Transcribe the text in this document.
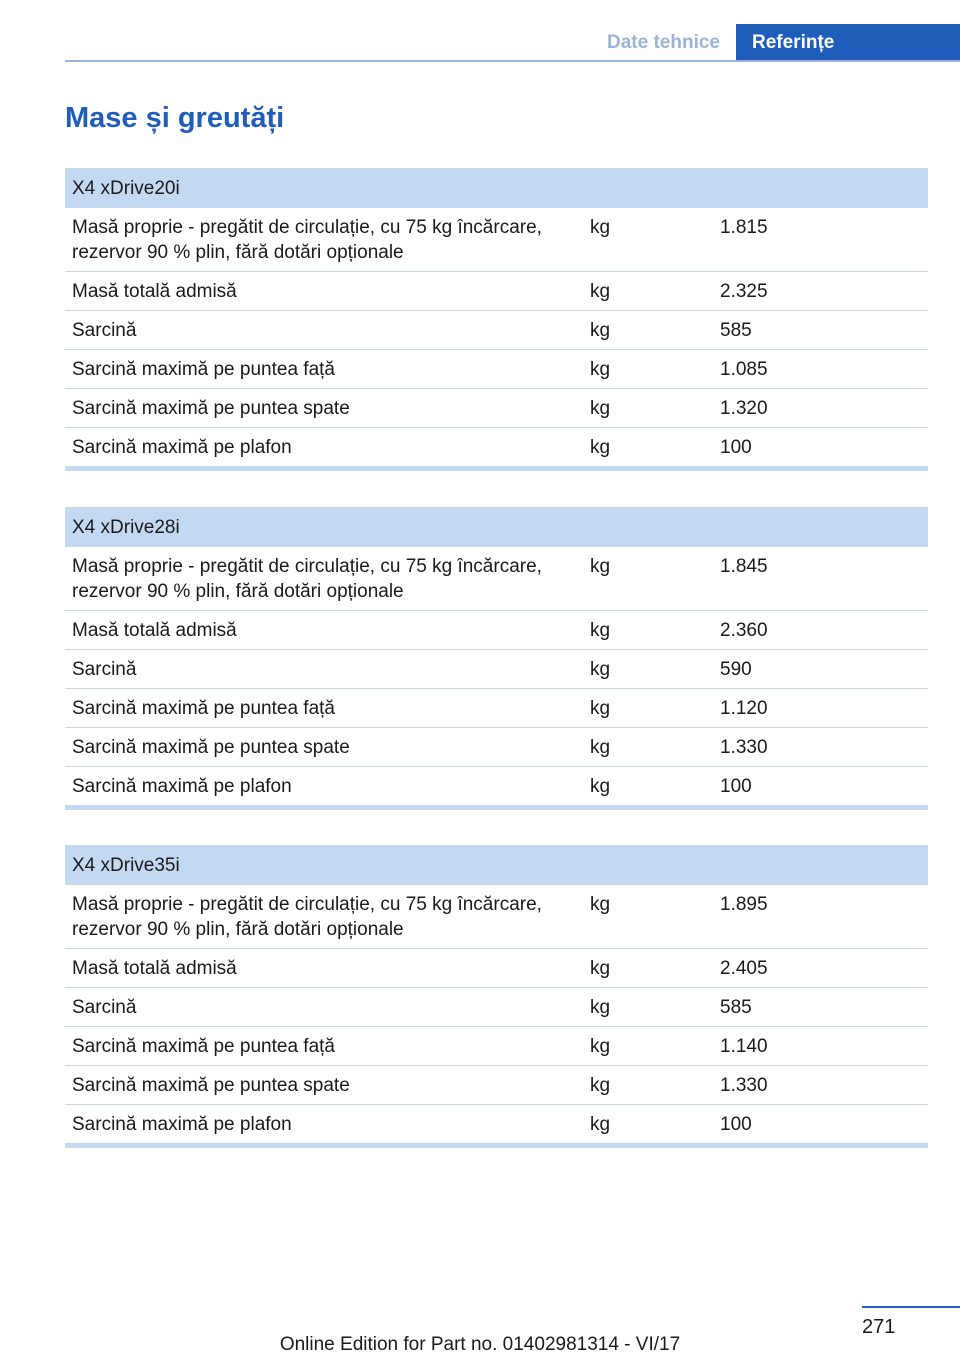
Date tehnice	Referințe
Mase și greutăți
X4 xDrive20i		
Masă proprie - pregătit de circulație, cu 75 kg încărcare, rezervor 90 % plin, fără dotări opționale	kg	1.815
Masă totală admisă	kg	2.325
Sarcină	kg	585
Sarcină maximă pe puntea față	kg	1.085
Sarcină maximă pe puntea spate	kg	1.320
Sarcină maximă pe plafon	kg	100
X4 xDrive28i		
Masă proprie - pregătit de circulație, cu 75 kg încărcare, rezervor 90 % plin, fără dotări opționale	kg	1.845
Masă totală admisă	kg	2.360
Sarcină	kg	590
Sarcină maximă pe puntea față	kg	1.120
Sarcină maximă pe puntea spate	kg	1.330
Sarcină maximă pe plafon	kg	100
X4 xDrive35i		
Masă proprie - pregătit de circulație, cu 75 kg încărcare, rezervor 90 % plin, fără dotări opționale	kg	1.895
Masă totală admisă	kg	2.405
Sarcină	kg	585
Sarcină maximă pe puntea față	kg	1.140
Sarcină maximă pe puntea spate	kg	1.330
Sarcină maximă pe plafon	kg	100
271
Online Edition for Part no. 01402981314 - VI/17
